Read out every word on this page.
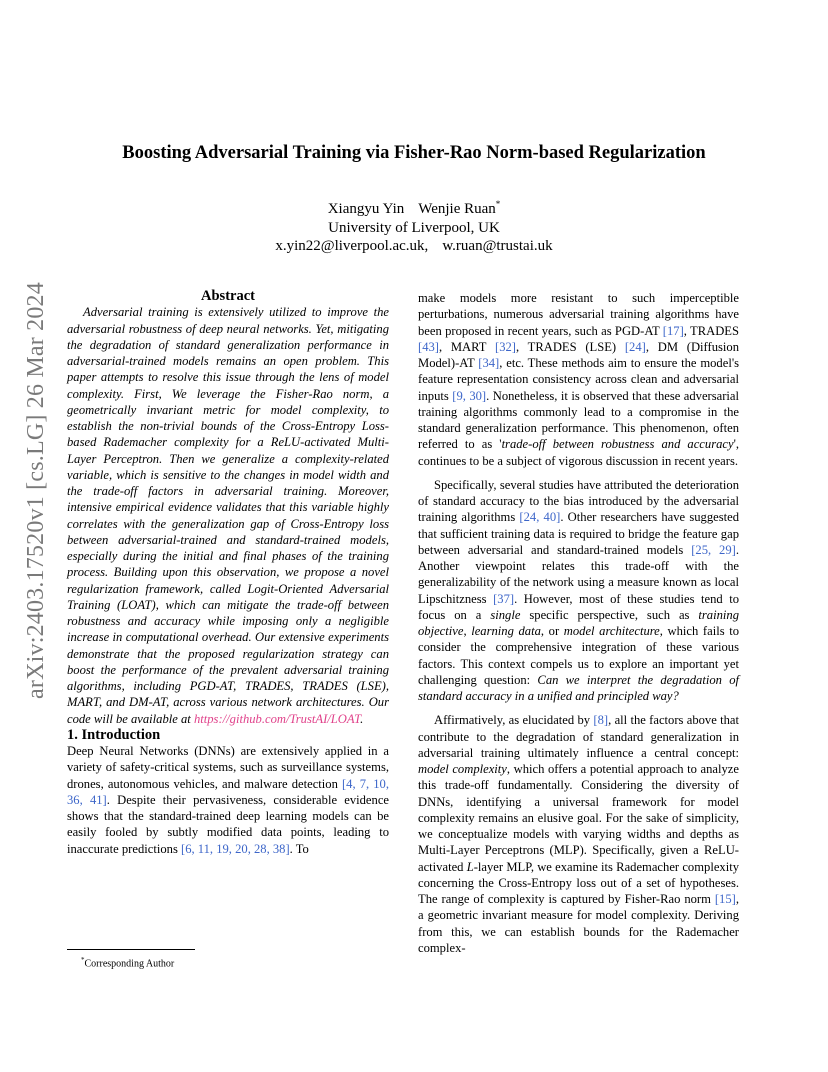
arXiv:2403.17520v1 [cs.LG] 26 Mar 2024
Boosting Adversarial Training via Fisher-Rao Norm-based Regularization
Xiangyu Yin Wenjie Ruan*
University of Liverpool, UK
x.yin22@liverpool.ac.uk, w.ruan@trustai.uk

Abstract

Adversarial training is extensively utilized to improve the adversarial robustness of deep neural networks. Yet, mitigating the degradation of standard generalization performance in adversarial-trained models remains an open problem. This paper attempts to resolve this issue through the lens of model complexity. First, We leverage the Fisher-Rao norm, a geometrically invariant metric for model complexity, to establish the non-trivial bounds of the Cross-Entropy Loss-based Rademacher complexity for a ReLU-activated Multi-Layer Perceptron. Then we generalize a complexity-related variable, which is sensitive to the changes in model width and the trade-off factors in adversarial training. Moreover, intensive empirical evidence validates that this variable highly correlates with the generalization gap of Cross-Entropy loss between adversarial-trained and standard-trained models, especially during the initial and final phases of the training process. Building upon this observation, we propose a novel regularization framework, called Logit-Oriented Adversarial Training (LOAT), which can mitigate the trade-off between robustness and accuracy while imposing only a negligible increase in computational overhead. Our extensive experiments demonstrate that the proposed regularization strategy can boost the performance of the prevalent adversarial training algorithms, including PGD-AT, TRADES, TRADES (LSE), MART, and DM-AT, across various network architectures. Our code will be available at https://github.com/TrustAI/LOAT.

1. Introduction

Deep Neural Networks (DNNs) are extensively applied in a variety of safety-critical systems, such as surveillance systems, drones, autonomous vehicles, and malware detection [4, 7, 10, 36, 41]. Despite their pervasiveness, considerable evidence shows that the standard-trained deep learning models can be easily fooled by subtly modified data points, leading to inaccurate predictions [6, 11, 19, 20, 28, 38]. To

make models more resistant to such imperceptible perturbations, numerous adversarial training algorithms have been proposed in recent years, such as PGD-AT [17], TRADES [43], MART [32], TRADES (LSE) [24], DM (Diffusion Model)-AT [34], etc. These methods aim to ensure the model's feature representation consistency across clean and adversarial inputs [9, 30]. Nonetheless, it is observed that these adversarial training algorithms commonly lead to a compromise in the standard generalization performance. This phenomenon, often referred to as 'trade-off between robustness and accuracy', continues to be a subject of vigorous discussion in recent years.

Specifically, several studies have attributed the deterioration of standard accuracy to the bias introduced by the adversarial training algorithms [24, 40]. Other researchers have suggested that sufficient training data is required to bridge the feature gap between adversarial and standard-trained models [25, 29]. Another viewpoint relates this trade-off with the generalizability of the network using a measure known as local Lipschitzness [37]. However, most of these studies tend to focus on a single specific perspective, such as training objective, learning data, or model architecture, which fails to consider the comprehensive integration of these various factors. This context compels us to explore an important yet challenging question: Can we interpret the degradation of standard accuracy in a unified and principled way?

Affirmatively, as elucidated by [8], all the factors above that contribute to the degradation of standard generalization in adversarial training ultimately influence a central concept: model complexity, which offers a potential approach to analyze this trade-off fundamentally. Considering the diversity of DNNs, identifying a universal framework for model complexity remains an elusive goal. For the sake of simplicity, we conceptualize models with varying widths and depths as Multi-Layer Perceptrons (MLP). Specifically, given a ReLU-activated L-layer MLP, we examine its Rademacher complexity concerning the Cross-Entropy loss out of a set of hypotheses. The range of complexity is captured by Fisher-Rao norm [15], a geometric invariant measure for model complexity. Deriving from this, we can establish bounds for the Rademacher complex-

*Corresponding Author
